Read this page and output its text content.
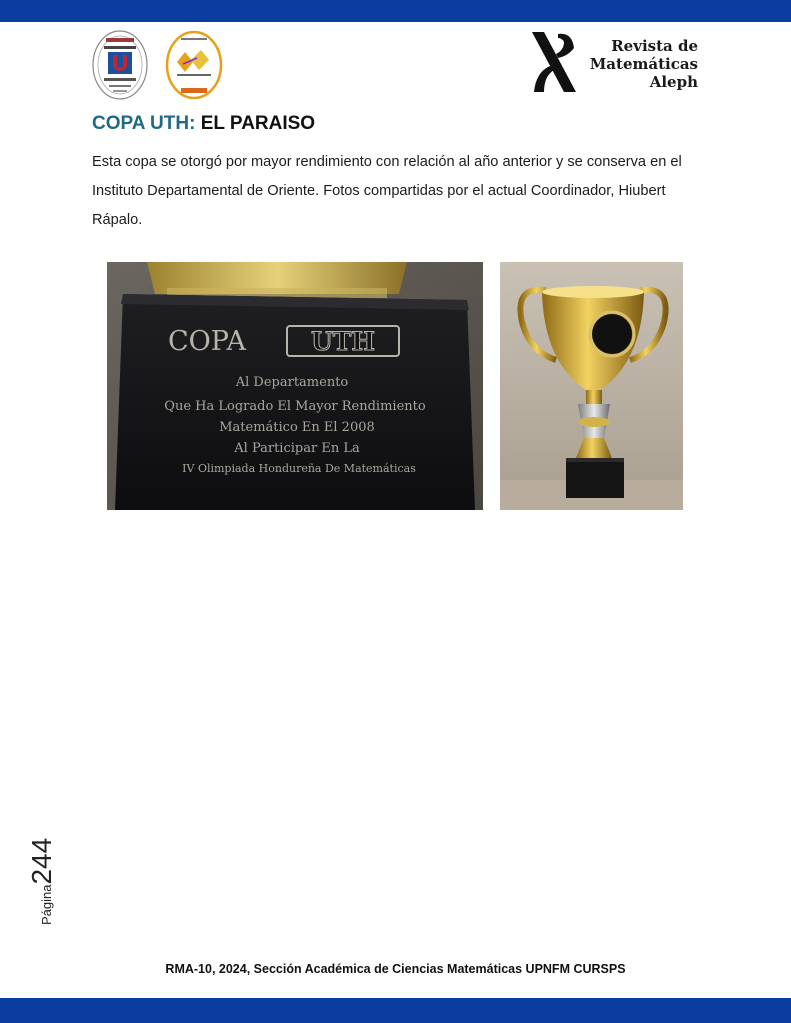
Revista de
Matemáticas
Aleph
COPA UTH: EL PARAISO
Esta copa se otorgó por mayor rendimiento con relación al año anterior y se conserva en el Instituto Departamental de Oriente. Fotos compartidas por el actual Coordinador, Hiubert Rápalo.
COPA	UTH
Al Departamento
Que Ha Logrado El Mayor Rendimiento
Matemático En El 2008
Al Participar En La
IV Olimpiada Hondureña De Matemáticas
Página244
RMA-10, 2024, Sección Académica de Ciencias Matemáticas UPNFM CURSPS
